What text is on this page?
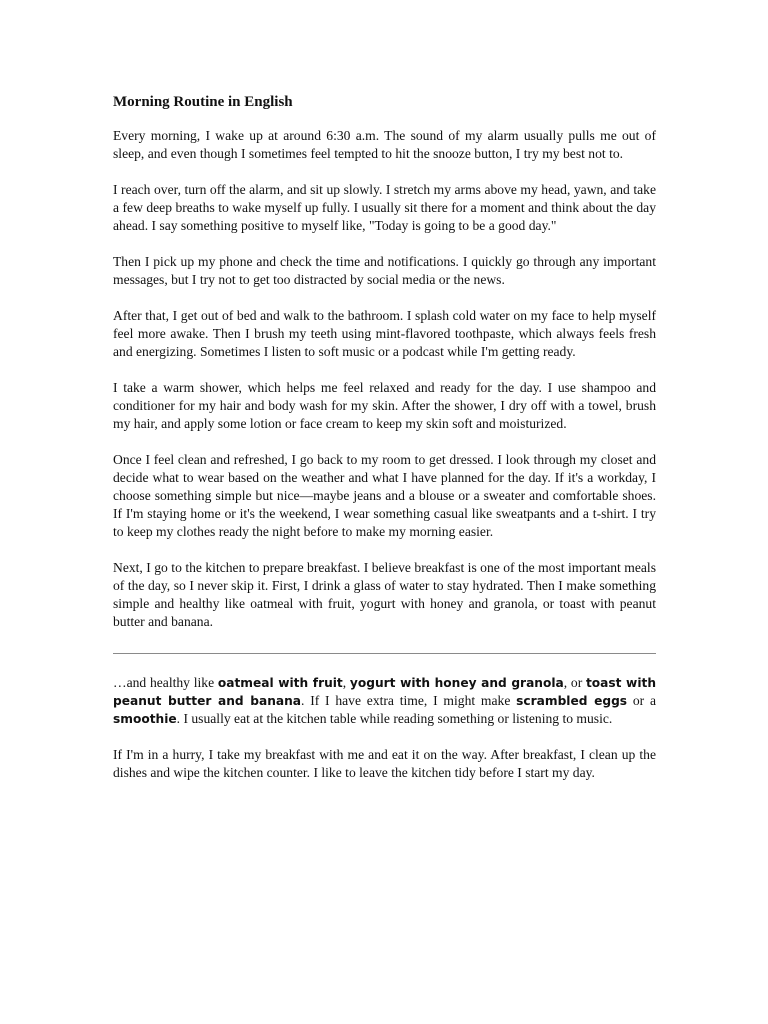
Morning Routine in English

Every morning, I wake up at around 6:30 a.m. The sound of my alarm usually pulls me out of sleep, and even though I sometimes feel tempted to hit the snooze button, I try my best not to.

I reach over, turn off the alarm, and sit up slowly. I stretch my arms above my head, yawn, and take a few deep breaths to wake myself up fully. I usually sit there for a moment and think about the day ahead. I say something positive to myself like, "Today is going to be a good day."

Then I pick up my phone and check the time and notifications. I quickly go through any important messages, but I try not to get too distracted by social media or the news.

After that, I get out of bed and walk to the bathroom. I splash cold water on my face to help myself feel more awake. Then I brush my teeth using mint-flavored toothpaste, which always feels fresh and energizing. Sometimes I listen to soft music or a podcast while I'm getting ready.

I take a warm shower, which helps me feel relaxed and ready for the day. I use shampoo and conditioner for my hair and body wash for my skin. After the shower, I dry off with a towel, brush my hair, and apply some lotion or face cream to keep my skin soft and moisturized.

Once I feel clean and refreshed, I go back to my room to get dressed. I look through my closet and decide what to wear based on the weather and what I have planned for the day. If it's a workday, I choose something simple but nice—maybe jeans and a blouse or a sweater and comfortable shoes. If I'm staying home or it's the weekend, I wear something casual like sweatpants and a t-shirt. I try to keep my clothes ready the night before to make my morning easier.

Next, I go to the kitchen to prepare breakfast. I believe breakfast is one of the most important meals of the day, so I never skip it. First, I drink a glass of water to stay hydrated. Then I make something simple and healthy like oatmeal with fruit, yogurt with honey and granola, or toast with peanut butter and banana.

…and healthy like oatmeal with fruit, yogurt with honey and granola, or toast with peanut butter and banana. If I have extra time, I might make scrambled eggs or a smoothie. I usually eat at the kitchen table while reading something or listening to music.

If I'm in a hurry, I take my breakfast with me and eat it on the way. After breakfast, I clean up the dishes and wipe the kitchen counter. I like to leave the kitchen tidy before I start my day.
